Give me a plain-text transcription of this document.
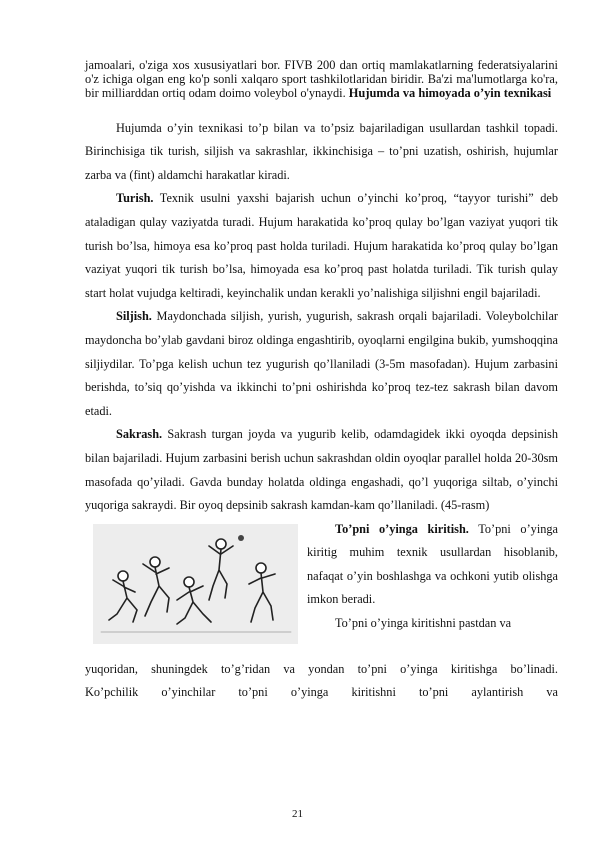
jamoalari, o'ziga xos xususiyatlari bor. FIVB 200 dan ortiq mamlakatlarning federatsiyalarini o'z ichiga olgan eng ko'p sonli xalqaro sport tashkilotlaridan biridir. Ba'zi ma'lumotlarga ko'ra, bir milliarddan ortiq odam doimo voleybol o'ynaydi. Hujumda va himoyada o’yin texnikasi

Hujumda o’yin texnikasi to’p bilan va to’psiz bajariladigan usullardan tashkil topadi. Birinchisiga tik turish, siljish va sakrashlar, ikkinchisiga – to’pni uzatish, oshirish, hujumlar zarba va (fint) aldamchi harakatlar kiradi.

Turish. Texnik usulni yaxshi bajarish uchun o’yinchi ko’proq, “tayyor turishi” deb ataladigan qulay vaziyatda turadi. Hujum harakatida ko’proq qulay bo’lgan vaziyat yuqori tik turish bo’lsa, himoya esa ko’proq past holda turiladi. Hujum harakatida ko’proq qulay bo’lgan vaziyat yuqori tik turish bo’lsa, himoyada esa ko’proq past holatda turiladi. Tik turish qulay start holat vujudga keltiradi, keyinchalik undan kerakli yo’nalishiga siljishni engil bajariladi.

Siljish. Maydonchada siljish, yurish, yugurish, sakrash orqali bajariladi. Voleybolchilar maydoncha bo’ylab gavdani biroz oldinga engashtirib, oyoqlarni engilgina bukib, yumshoqqina siljiydilar. To’pga kelish uchun tez yugurish qo’llaniladi (3-5m masofadan). Hujum zarbasini berishda, to’siq qo’yishda va ikkinchi to’pni oshirishda ko’proq tez-tez sakrash bilan davom etadi.

Sakrash. Sakrash turgan joyda va yugurib kelib, odamdagidek ikki oyoqda depsinish bilan bajariladi. Hujum zarbasini berish uchun sakrashdan oldin oyoqlar parallel holda 20-30sm masofada qo’yiladi. Gavda bunday holatda oldinga engashadi, qo’l yuqoriga siltab, o’yinchi yuqoriga sakraydi. Bir oyoq depsinib sakrash kamdan-kam qo’llaniladi. (45-rasm)

To’pni o’yinga kiritish. To’pni o’yinga kiritig muhim texnik usullardan hisoblanib, nafaqat o’yin boshlashga va ochkoni yutib olishga imkon beradi.
To’pni o’yinga kiritishni pastdan va

yuqoridan, shuningdek to’g’ridan va yondan to’pni o’yinga kiritishga bo’linadi.

Ko’pchilik o’yinchilar to’pni o’yinga kiritishni to’pni aylantirish va

21
